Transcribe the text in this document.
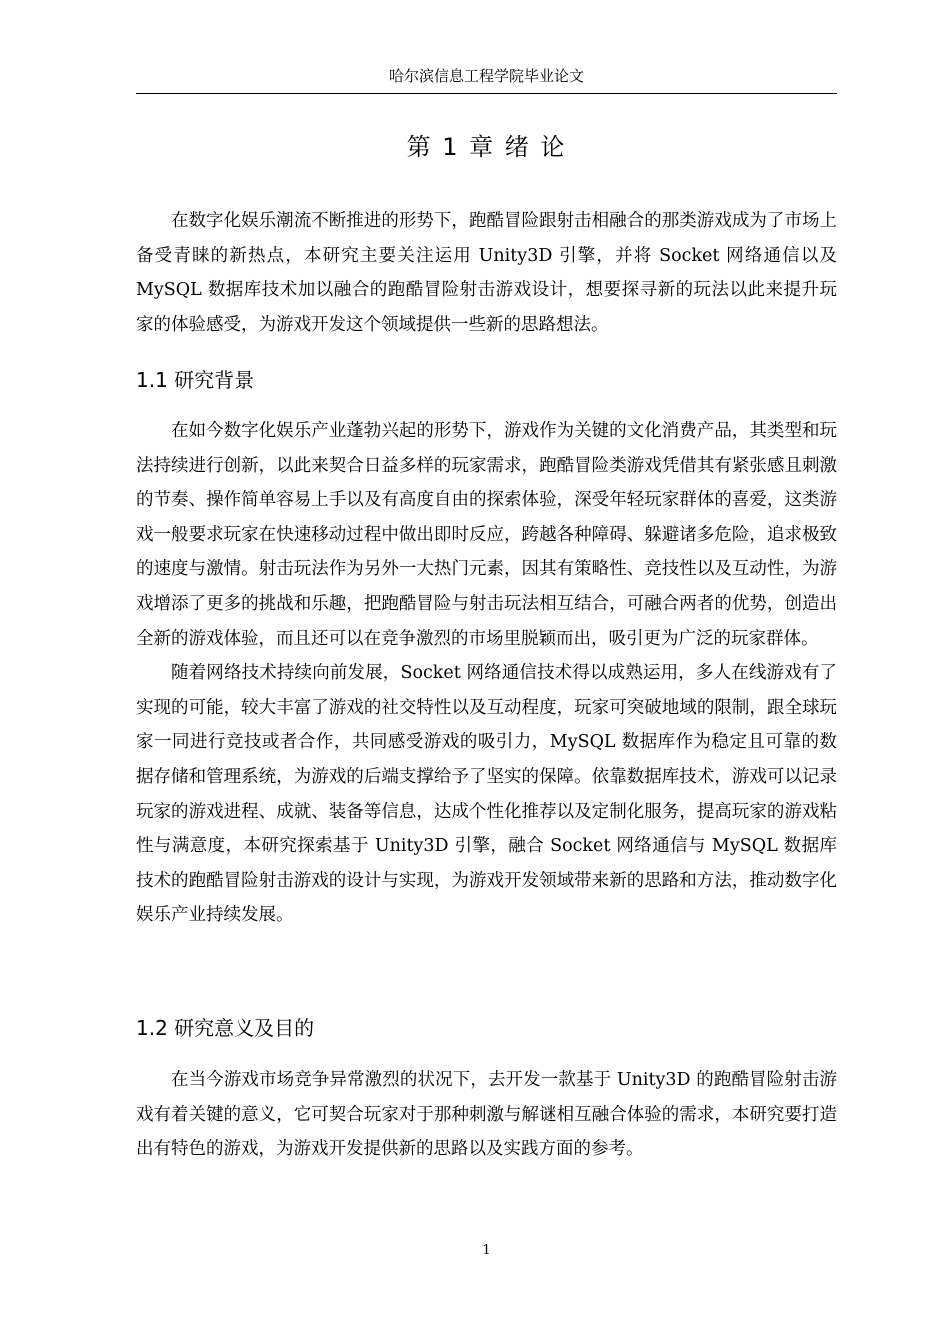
哈尔滨信息工程学院毕业论文
第 1 章 绪 论

在数字化娱乐潮流不断推进的形势下，跑酷冒险跟射击相融合的那类游戏成为了市场上备受青睐的新热点，本研究主要关注运用 Unity3D 引擎，并将 Socket 网络通信以及 MySQL 数据库技术加以融合的跑酷冒险射击游戏设计，想要探寻新的玩法以此来提升玩家的体验感受，为游戏开发这个领域提供一些新的思路想法。

1.1 研究背景

在如今数字化娱乐产业蓬勃兴起的形势下，游戏作为关键的文化消费产品，其类型和玩法持续进行创新，以此来契合日益多样的玩家需求，跑酷冒险类游戏凭借其有紧张感且刺激的节奏、操作简单容易上手以及有高度自由的探索体验，深受年轻玩家群体的喜爱，这类游戏一般要求玩家在快速移动过程中做出即时反应，跨越各种障碍、躲避诸多危险，追求极致的速度与激情。射击玩法作为另外一大热门元素，因其有策略性、竞技性以及互动性，为游戏增添了更多的挑战和乐趣，把跑酷冒险与射击玩法相互结合，可融合两者的优势，创造出全新的游戏体验，而且还可以在竞争激烈的市场里脱颖而出，吸引更为广泛的玩家群体。

随着网络技术持续向前发展，Socket 网络通信技术得以成熟运用，多人在线游戏有了实现的可能，较大丰富了游戏的社交特性以及互动程度，玩家可突破地域的限制，跟全球玩家一同进行竞技或者合作，共同感受游戏的吸引力，MySQL 数据库作为稳定且可靠的数据存储和管理系统，为游戏的后端支撑给予了坚实的保障。依靠数据库技术，游戏可以记录玩家的游戏进程、成就、装备等信息，达成个性化推荐以及定制化服务，提高玩家的游戏粘性与满意度，本研究探索基于 Unity3D 引擎，融合 Socket 网络通信与 MySQL 数据库技术的跑酷冒险射击游戏的设计与实现，为游戏开发领域带来新的思路和方法，推动数字化娱乐产业持续发展。

1.2 研究意义及目的

在当今游戏市场竞争异常激烈的状况下，去开发一款基于 Unity3D 的跑酷冒险射击游戏有着关键的意义，它可契合玩家对于那种刺激与解谜相互融合体验的需求，本研究要打造出有特色的游戏，为游戏开发提供新的思路以及实践方面的参考。

1
